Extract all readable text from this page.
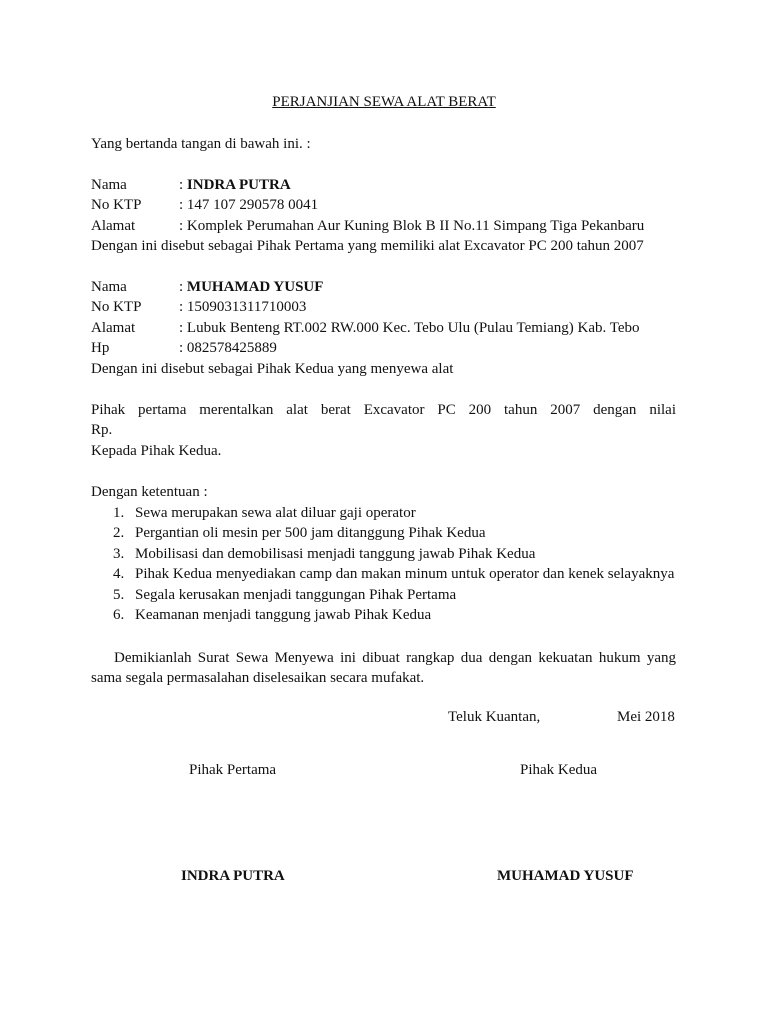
PERJANJIAN SEWA ALAT BERAT
Yang bertanda tangan di bawah ini. :
Nama	: INDRA PUTRA
No KTP	: 147 107 290578 0041
Alamat	: Komplek Perumahan Aur Kuning Blok B II No.11 Simpang Tiga Pekanbaru
Dengan ini disebut sebagai Pihak Pertama yang memiliki alat Excavator PC 200 tahun 2007
Nama	: MUHAMAD YUSUF
No KTP	: 1509031311710003
Alamat	: Lubuk Benteng RT.002 RW.000 Kec. Tebo Ulu (Pulau Temiang) Kab. Tebo
Hp	: 082578425889
Dengan ini disebut sebagai Pihak Kedua yang menyewa alat
Pihak pertama merentalkan alat berat Excavator PC 200 tahun 2007 dengan nilai
Rp.
Kepada Pihak Kedua.
Dengan ketentuan :
1. Sewa merupakan sewa alat diluar gaji operator
2. Pergantian oli mesin per 500 jam ditanggung Pihak Kedua
3. Mobilisasi dan demobilisasi menjadi tanggung jawab Pihak Kedua
4. Pihak Kedua menyediakan camp dan makan minum untuk operator dan kenek selayaknya
5. Segala kerusakan menjadi tanggungan Pihak Pertama
6. Keamanan menjadi tanggung jawab Pihak Kedua
Demikianlah Surat Sewa Menyewa ini dibuat rangkap dua dengan kekuatan hukum yang
sama segala permasalahan diselesaikan secara mufakat.
Teluk Kuantan,	Mei 2018
Pihak Pertama	Pihak Kedua
INDRA PUTRA	MUHAMAD YUSUF
